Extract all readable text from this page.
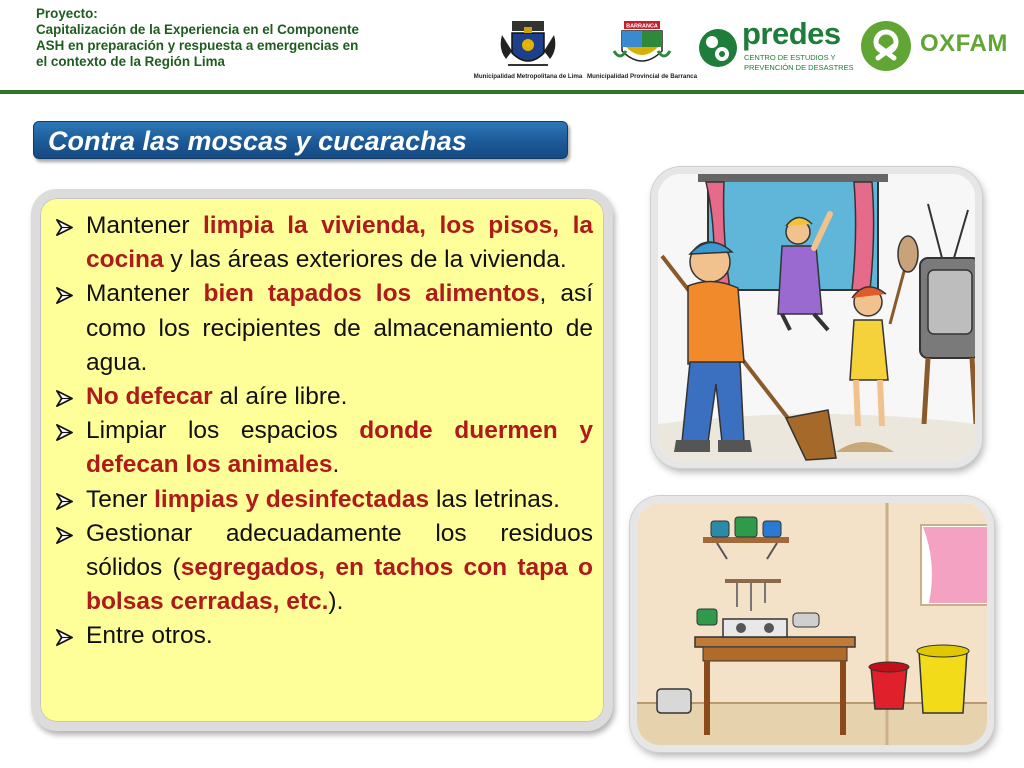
Proyecto:
Capitalización de la Experiencia en el Componente
ASH en preparación y respuesta a emergencias en
el contexto de la Región Lima
Municipalidad Metropolitana de Lima
BARRANCA
Municipalidad Provincial de Barranca
predes
CENTRO DE ESTUDIOS Y
PREVENCIÓN DE DESASTRES
OXFAM
Contra las moscas y cucarachas
Mantener limpia la vivienda, los pisos, la cocina y las áreas exteriores de la vivienda.
Mantener bien tapados los alimentos, así como los recipientes de almacenamiento de agua.
No defecar al aíre libre.
Limpiar los espacios donde duermen y defecan los animales.
Tener limpias y desinfectadas las letrinas.
Gestionar adecuadamente los residuos sólidos (segregados, en tachos con tapa o bolsas cerradas, etc.).
Entre otros.
